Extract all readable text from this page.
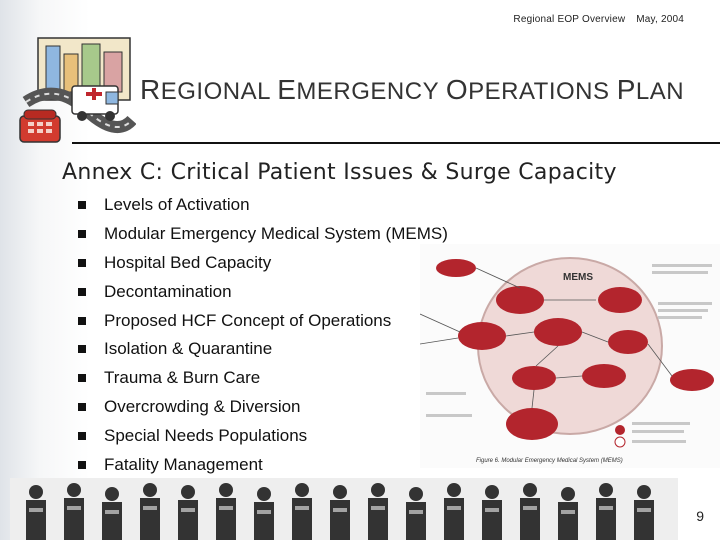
Regional EOP Overview May, 2004
REGIONAL EMERGENCY OPERATIONS PLAN
Annex C: Critical Patient Issues & Surge Capacity
Levels of Activation
Modular Emergency Medical System (MEMS)
Hospital Bed Capacity
Decontamination
Proposed HCF Concept of Operations
Isolation & Quarantine
Trauma & Burn Care
Overcrowding & Diversion
Special Needs Populations
Fatality Management
MEMS
Figure 6. Modular Emergency Medical System (MEMS)
9
